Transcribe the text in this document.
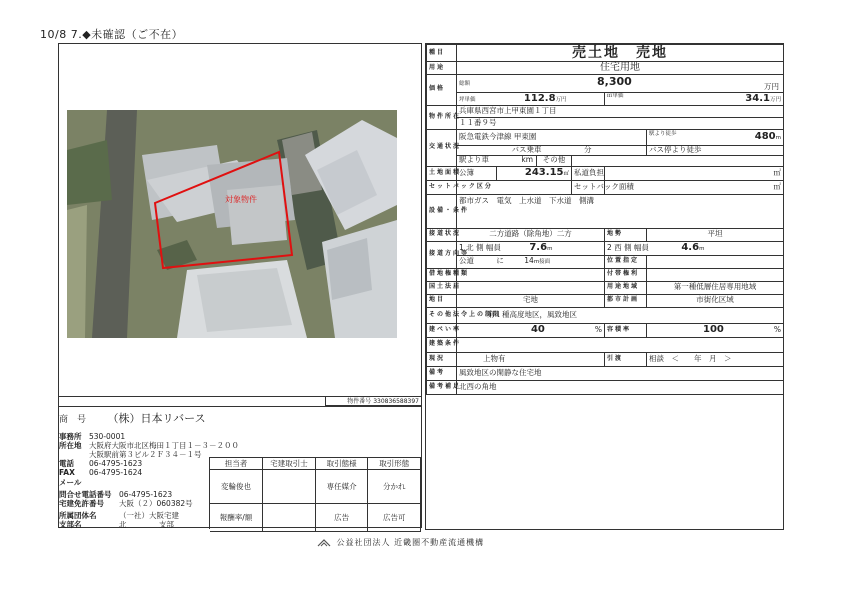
10/8 7.◆未確認（ご不在）
対象物件
物件番号 330836588397
商　号 （株）日本リバース
事務所 530-0001
所在地 大阪府大阪市北区梅田１丁目１－３－２００
大阪駅前第３ビル２Ｆ３４－１号
電話 06-4795-1623
FAX 06-4795-1624
メール
問合せ電話番号 06-4795-1623
宅建免許番号 大阪（２）060382号
所属団体名	（一社）大阪宅建
支部名	北	支部
担当者	宅建取引士	取引態様	取引形態
変輪俊也		専任媒介	分かれ
報酬率/額		広告	広告可
種目	売土地　売地					
用途	住宅用地					
価格	総額 8,300 万円					

	坪単価 112.8万円				㎡単価 34.1万円	
物件所在	兵庫県西宮市上甲東園１丁目					
	１１番９号					
交通状況	阪急電鉄今津線 甲東園					駅より徒歩 480m
	バス乗車 分					バス停より徒歩
	駅より車 km		その他			
土地面積	公簿	243.15㎡		私道負担	㎡	
セットバック区分				セットバック面積	㎡	
設備・条件	都市ガス　電気　上水道　下水道　側溝					
接道状況	二方道路（除角地）二方				地勢	平坦
接道方向等	1 北 側 幅員 7.6m				2 西 側 幅員 4.6m	
	公道 に 14m接面				位置指定	
借地権種類					付帯権利	
国土法届					用途地域	第一種低層住居専用地域
地目	宅地				都市計画	市街化区域
その他法令上の制限	第１種高度地区，風致地区					
建ぺい率	40 %				容積率	100 %
建築条件						
現況	上物有				引渡	相談　＜　　年　月　＞
備考	風致地区の閑静な住宅地					
備考補足	北西の角地					
公益社団法人 近畿圏不動産流通機構
